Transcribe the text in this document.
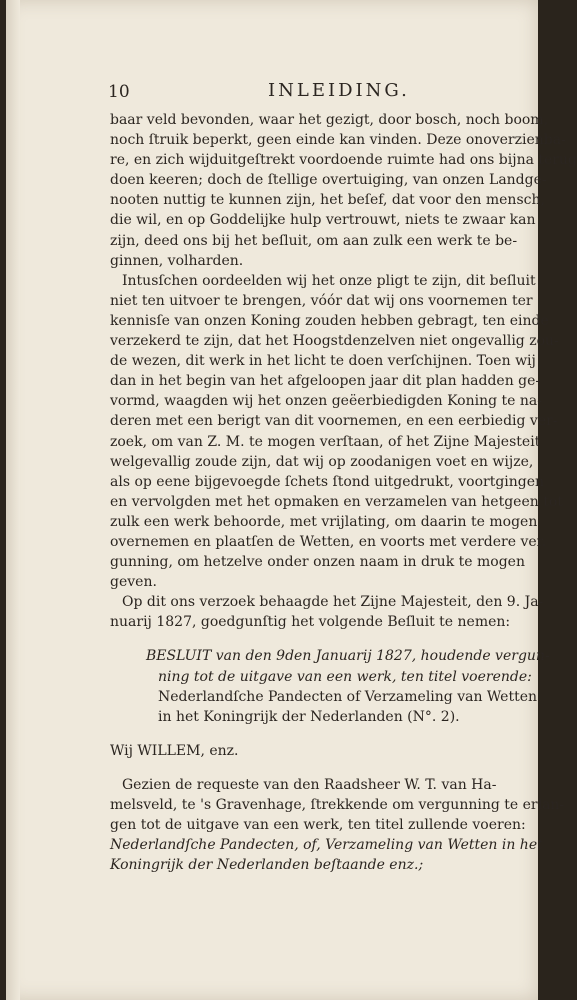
10	INLEIDING.
baar veld bevonden, waar het gezigt, door bosch, noch boom,
noch ſtruik beperkt, geen einde kan vinden. Deze onoverzienba-
re, en zich wijduitgeſtrekt voordoende ruimte had ons bijna terug
doen keeren; doch de ſtellige overtuiging, van onzen Landge-
nooten nuttig te kunnen zijn, het beſef, dat voor den mensch,
die wil, en op Goddelijke hulp vertrouwt, niets te zwaar kan
zijn, deed ons bij het beſluit, om aan zulk een werk te be-
ginnen, volharden.
Intusſchen oordeelden wij het onze pligt te zijn, dit beſluit
niet ten uitvoer te brengen, vóór dat wij ons voornemen ter
kennisſe van onzen Koning zouden hebben gebragt, ten einde
verzekerd te zijn, dat het Hoogstdenzelven niet ongevallig zou-
de wezen, dit werk in het licht te doen verſchijnen. Toen wij
dan in het begin van het afgeloopen jaar dit plan hadden ge-
vormd, waagden wij het onzen geëerbiedigden Koning te na-
deren met een berigt van dit voornemen, en een eerbiedig ver-
zoek, om van Z. M. te mogen verſtaan, of het Zijne Majesteit
welgevallig zoude zijn, dat wij op zoodanigen voet en wijze,
als op eene bijgevoegde ſchets ſtond uitgedrukt, voortgingen
en vervolgden met het opmaken en verzamelen van hetgeen tot
zulk een werk behoorde, met vrijlating, om daarin te mogen
overnemen en plaatſen de Wetten, en voorts met verdere ver.
gunning, om hetzelve onder onzen naam in druk te mogen
geven.
Op dit ons verzoek behaagde het Zijne Majesteit, den 9. Ja-
nuarij 1827, goedgunſtig het volgende Beſluit te nemen:
BESLUIT van den 9den Januarij 1827, houdende vergun-
ning tot de uitgave van een werk, ten titel voerende:
Nederlandſche Pandecten of Verzameling van Wetten
in het Koningrijk der Nederlanden (N°. 2).
Wij WILLEM, enz.
Gezien de requeste van den Raadsheer W. T. van Ha-
melsveld, te 's Gravenhage, ſtrekkende om vergunning te erlan-
gen tot de uitgave van een werk, ten titel zullende voeren:
Nederlandſche Pandecten, of, Verzameling van Wetten in het
Koningrijk der Nederlanden beſtaande enz.;
